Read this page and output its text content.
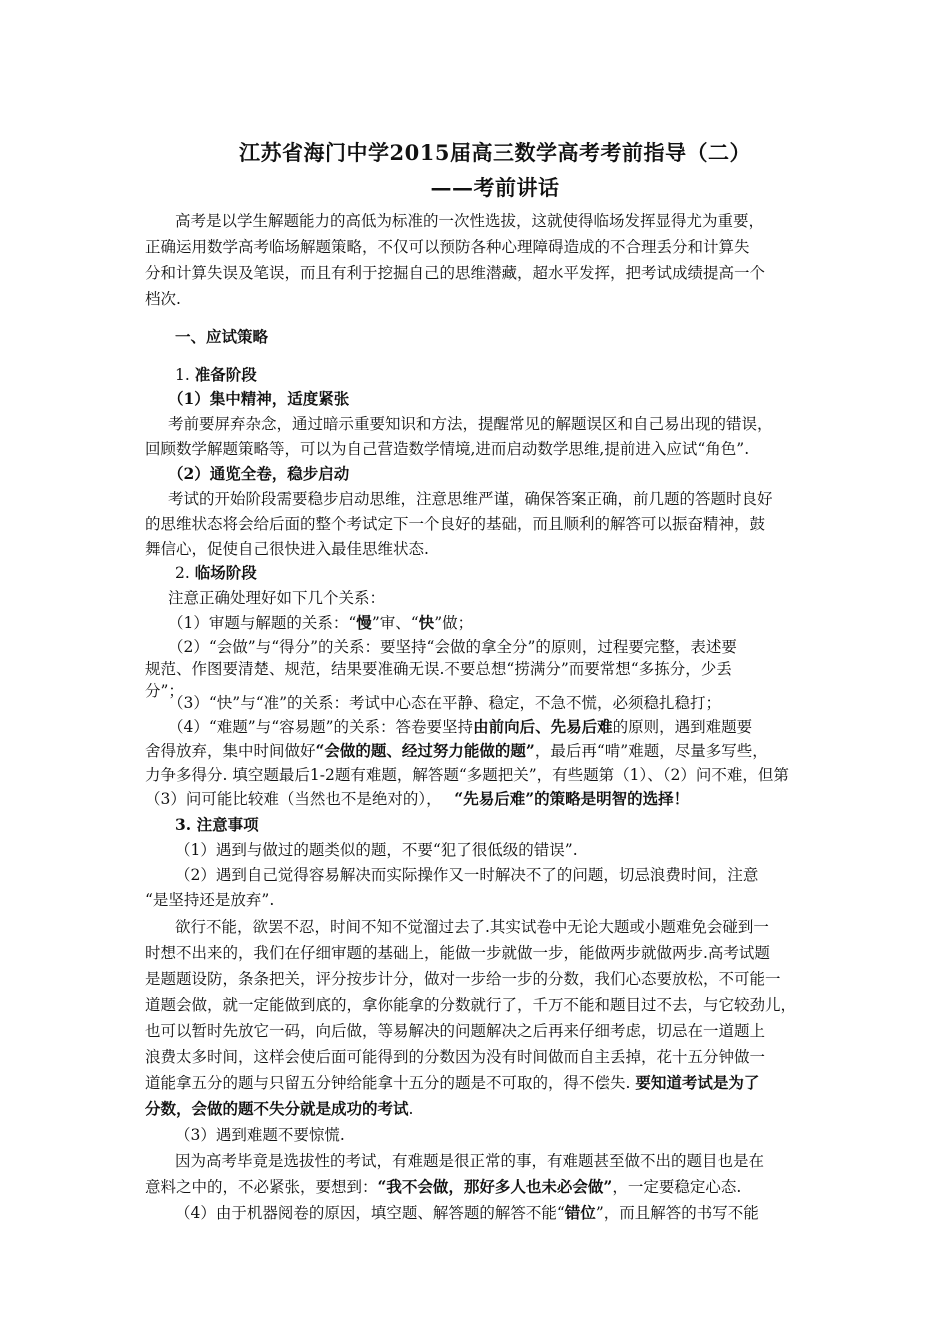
江苏省海门中学2015届高三数学高考考前指导（二）
——考前讲话
高考是以学生解题能力的高低为标准的一次性选拔，这就使得临场发挥显得尤为重要，
正确运用数学高考临场解题策略，不仅可以预防各种心理障碍造成的不合理丢分和计算失
分和计算失误及笔误，而且有利于挖掘自己的思维潜藏，超水平发挥，把考试成绩提高一个
档次.
一、应试策略
1. 准备阶段
（1）集中精神，适度紧张
考前要屏弃杂念，通过暗示重要知识和方法，提醒常见的解题误区和自己易出现的错误，
回顾数学解题策略等，可以为自己营造数学情境,进而启动数学思维,提前进入应试“角色”.
（2）通览全卷，稳步启动
考试的开始阶段需要稳步启动思维，注意思维严谨，确保答案正确，前几题的答题时良好
的思维状态将会给后面的整个考试定下一个良好的基础，而且顺利的解答可以振奋精神，鼓
舞信心，促使自己很快进入最佳思维状态.
2. 临场阶段
注意正确处理好如下几个关系：
（1）审题与解题的关系：“慢”审、“快”做；
（2）“会做”与“得分”的关系：要坚持“会做的拿全分”的原则，过程要完整，表述要
规范、作图要清楚、规范，结果要准确无误.不要总想“捞满分”而要常想“多拣分，少丢
分”；
（3）“快”与“准”的关系：考试中心态在平静、稳定，不急不慌，必须稳扎稳打；
（4）“难题”与“容易题”的关系：答卷要坚持由前向后、先易后难的原则，遇到难题要
舍得放弃，集中时间做好“会做的题、经过努力能做的题”，最后再“啃”难题，尽量多写些，
力争多得分. 填空题最后1-2题有难题，解答题“多题把关”，有些题第（1）、（2）问不难，但第
（3）问可能比较难（当然也不是绝对的），　 “先易后难”的策略是明智的选择！
3. 注意事项
（1）遇到与做过的题类似的题，不要“犯了很低级的错误”.
（2）遇到自己觉得容易解决而实际操作又一时解决不了的问题，切忌浪费时间，注意
“是坚持还是放弃”.
欲行不能，欲罢不忍，时间不知不觉溜过去了.其实试卷中无论大题或小题难免会碰到一
时想不出来的，我们在仔细审题的基础上，能做一步就做一步，能做两步就做两步.高考试题
是题题设防，条条把关，评分按步计分，做对一步给一步的分数，我们心态要放松，不可能一
道题会做，就一定能做到底的，拿你能拿的分数就行了，千万不能和题目过不去，与它较劲儿，
也可以暂时先放它一码，向后做，等易解决的问题解决之后再来仔细考虑，切忌在一道题上
浪费太多时间，这样会使后面可能得到的分数因为没有时间做而自主丢掉，花十五分钟做一
道能拿五分的题与只留五分钟给能拿十五分的题是不可取的，得不偿失. 要知道考试是为了
分数，会做的题不失分就是成功的考试.
（3）遇到难题不要惊慌.
因为高考毕竟是选拔性的考试，有难题是很正常的事，有难题甚至做不出的题目也是在
意料之中的，不必紧张，要想到：“我不会做，那好多人也未必会做”，一定要稳定心态.
（4）由于机器阅卷的原因，填空题、解答题的解答不能“错位”，而且解答的书写不能
